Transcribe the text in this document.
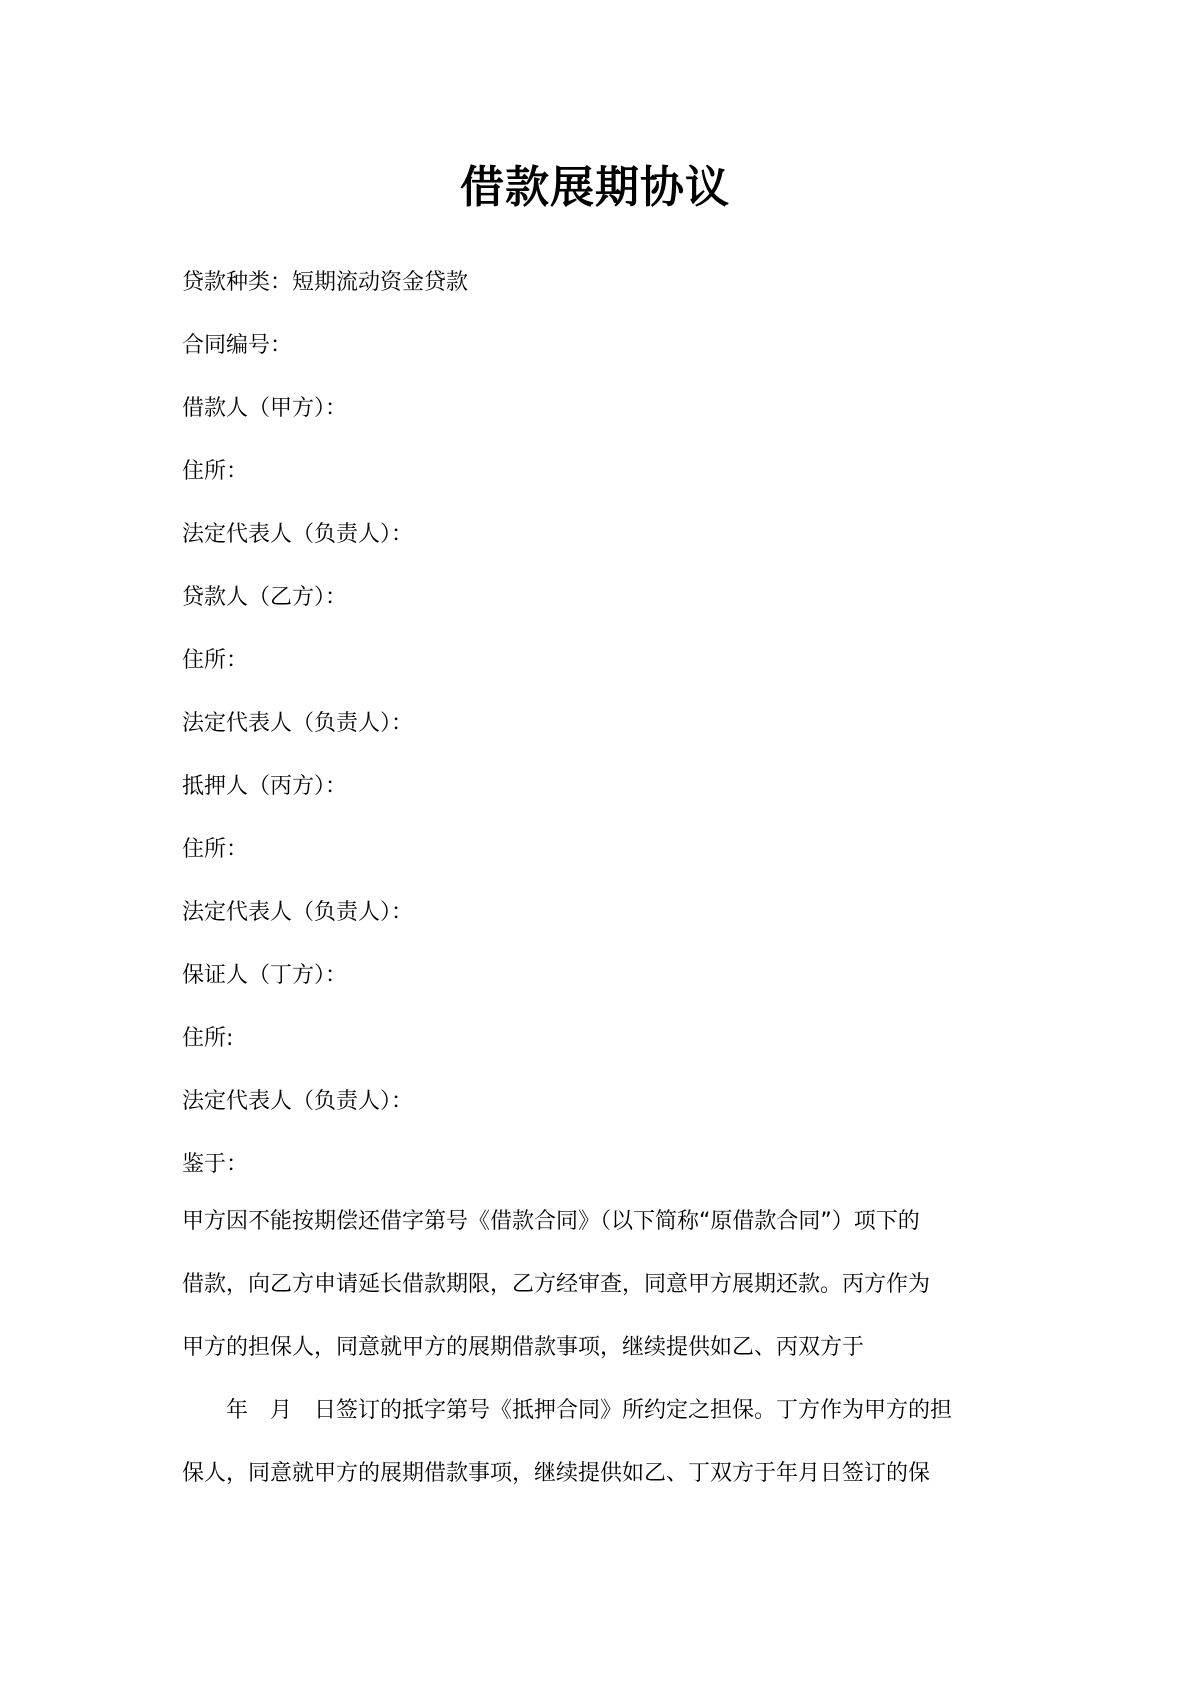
借款展期协议
贷款种类：短期流动资金贷款
合同编号：
借款人（甲方）：
住所：
法定代表人（负责人）：
贷款人（乙方）：
住所：
法定代表人（负责人）：
抵押人（丙方）：
住所：
法定代表人（负责人）：
保证人（丁方）：
住所:
法定代表人（负责人）：
鉴于：
甲方因不能按期偿还借字第号《借款合同》（以下简称“原借款合同”）项下的
借款，向乙方申请延长借款期限，乙方经审查，同意甲方展期还款。丙方作为
甲方的担保人，同意就甲方的展期借款事项，继续提供如乙、丙双方于
年　月　日签订的抵字第号《抵押合同》所约定之担保。丁方作为甲方的担
保人，同意就甲方的展期借款事项，继续提供如乙、丁双方于年月日签订的保
